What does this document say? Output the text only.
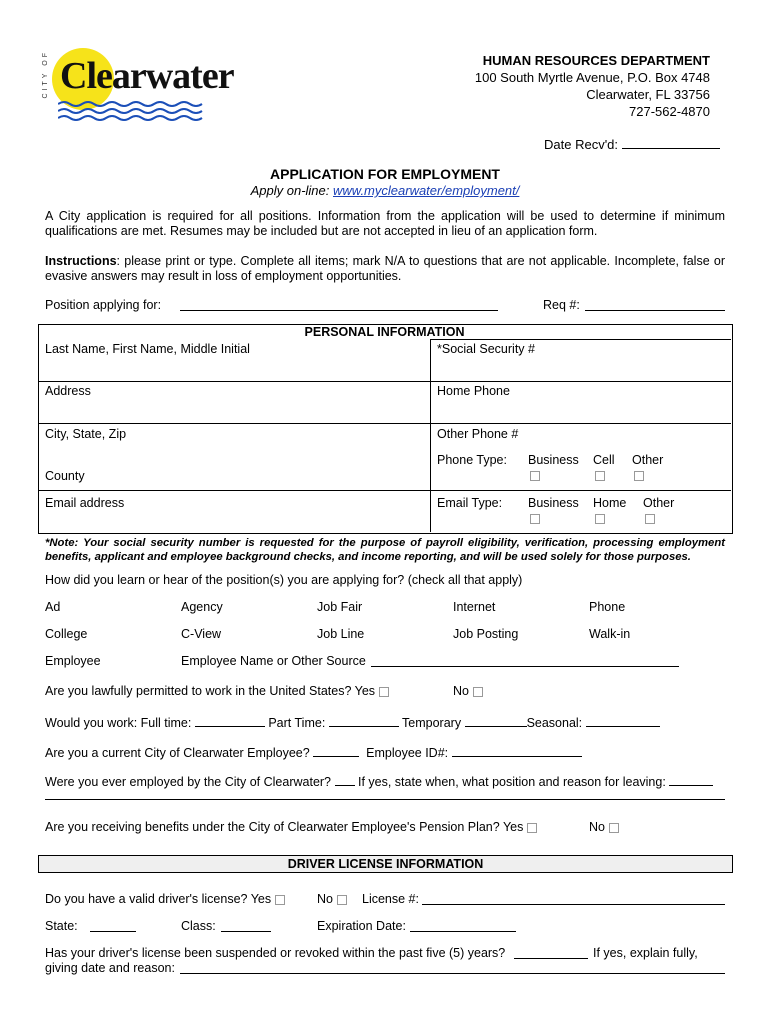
CITY OF Clearwater	HUMAN RESOURCES DEPARTMENT
100 South Myrtle Avenue, P.O. Box 4748
Clearwater, FL 33756
727-562-4870
Date Recv'd:
APPLICATION FOR EMPLOYMENT
Apply on-line: www.myclearwater/employment/
A City application is required for all positions. Information from the application will be used to determine if minimum qualifications are met. Resumes may be included but are not accepted in lieu of an application form.
Instructions: please print or type. Complete all items; mark N/A to questions that are not applicable. Incomplete, false or evasive answers may result in loss of employment opportunities.
Position applying for:	Req #:
PERSONAL INFORMATION
Last Name, First Name, Middle Initial	*Social Security #
Address	Home Phone
City, State, Zip	Other Phone #
Phone Type: Business Cell Other
County
Email address	Email Type: Business Home Other
*Note: Your social security number is requested for the purpose of payroll eligibility, verification, processing employment benefits, applicant and employee background checks, and income reporting, and will be used solely for those purposes.
How did you learn or hear of the position(s) you are applying for? (check all that apply)
Ad	Agency	Job Fair	Internet	Phone
College	C-View	Job Line	Job Posting	Walk-in
Employee	Employee Name or Other Source
Are you lawfully permitted to work in the United States? Yes	No
Would you work: Full time:	Part Time:	Temporary	Seasonal:
Are you a current City of Clearwater Employee?	Employee ID#:
Were you ever employed by the City of Clearwater? If yes, state when, what position and reason for leaving:
Are you receiving benefits under the City of Clearwater Employee's Pension Plan? Yes	No
DRIVER LICENSE INFORMATION
Do you have a valid driver's license? Yes	No	License #:
State:	Class:	Expiration Date:
Has your driver's license been suspended or revoked within the past five (5) years?	If yes, explain fully,
giving date and reason:
